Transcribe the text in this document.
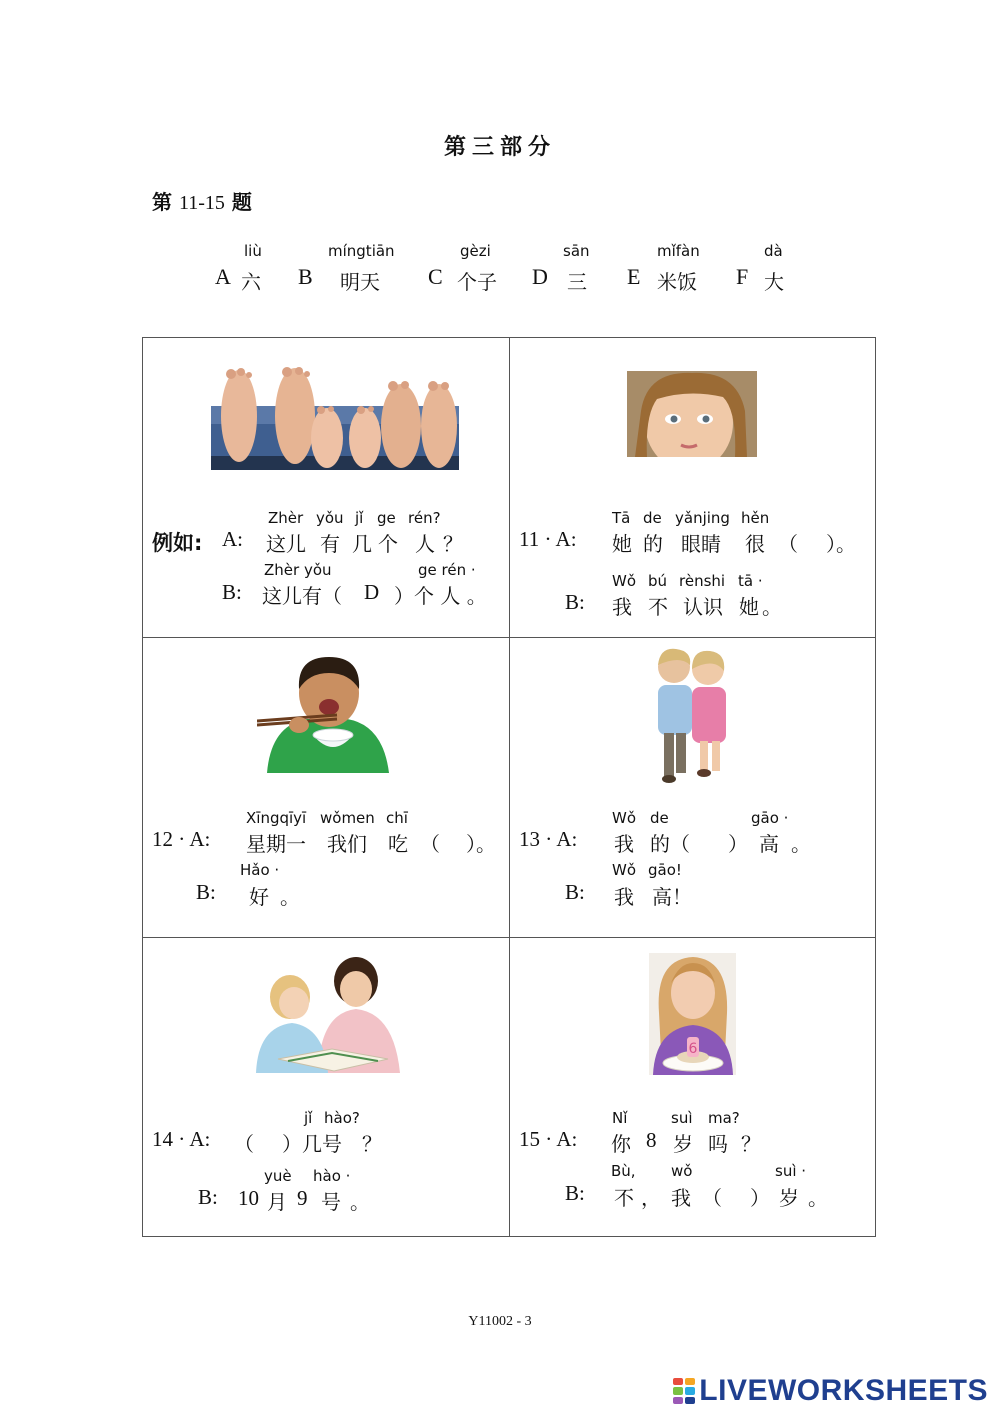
第三部分
第 11-15 题
A
liù
六 B
míngtiān
明天 C
gèzi
个子 D
sān
三 E
mǐfàn
米饭 F
dà
大
6
例如: A:
Zhèr yǒu jǐ ge rén?
这儿 有 几 个 人 ？
B:
Zhèr yǒu	ge rén ·
这儿有（ D ）个 人 。
11 · A:
Tā de yǎnjing hěn
她 的 眼睛 很 （ ）。
B:
Wǒ bú rènshi tā ·
我 不 认识 她 。
12 · A:
Xīngqīyī wǒmen chī
星期一 我们 吃 （ ）。
B:
Hǎo ·
好 。
13 · A:
Wǒ de	gāo ·
我 的（ ） 高 。
B:
Wǒ gāo!
我 高！
14 · A:
jǐ hào?
（ ）几 号 ？
B:
yuè hào ·
10 月 9 号 。
15 · A:
Nǐ	suì ma?
你 8 岁 吗 ？
B:
Bù, wǒ	suì ·
不 ， 我 （ ） 岁 。
Y11002 - 3
LIVEWORKSHEETS
